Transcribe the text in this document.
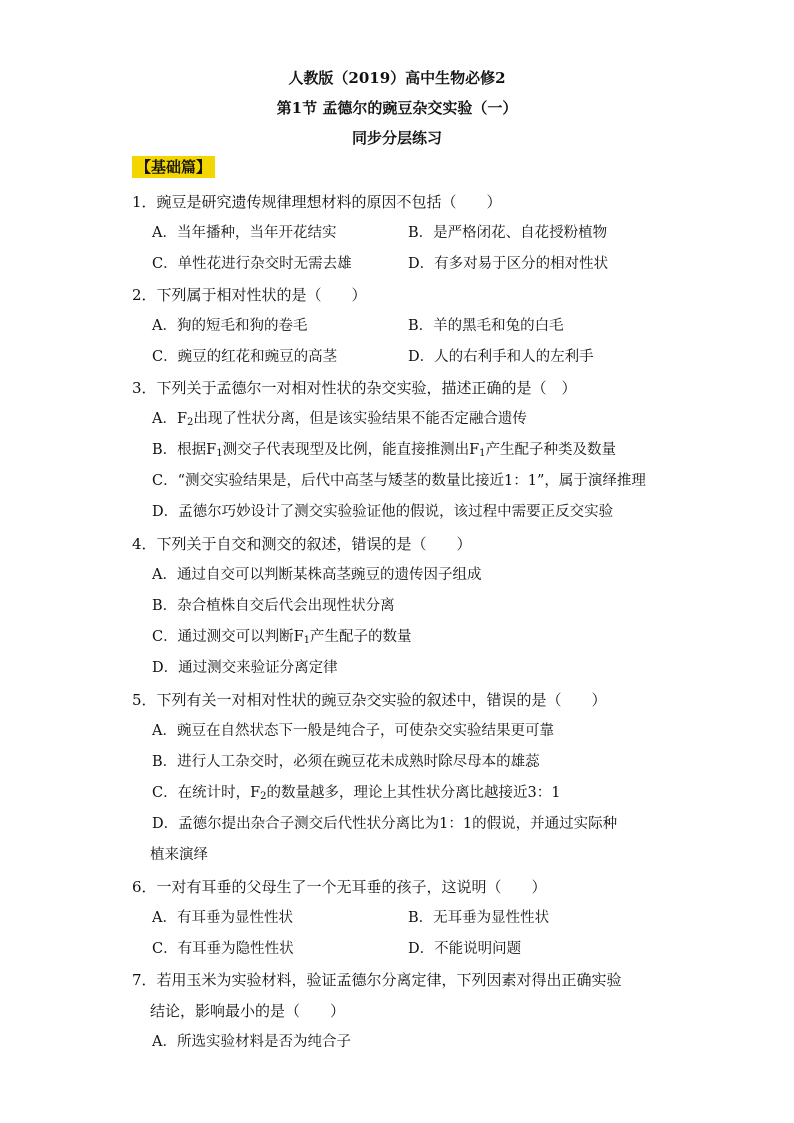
人教版（2019）高中生物必修2
第1节 孟德尔的豌豆杂交实验（一）
同步分层练习
【基础篇】
1．豌豆是研究遗传规律理想材料的原因不包括（　　）
A．当年播种，当年开花结实	B．是严格闭花、自花授粉植物
C．单性花进行杂交时无需去雄	D．有多对易于区分的相对性状
2．下列属于相对性状的是（　　）
A．狗的短毛和狗的卷毛	B．羊的黑毛和兔的白毛
C．豌豆的红花和豌豆的高茎	D．人的右利手和人的左利手
3．下列关于孟德尔一对相对性状的杂交实验，描述正确的是（　）
A．$F_2$出现了性状分离，但是该实验结果不能否定融合遗传
B．根据$F_1$测交子代表现型及比例，能直接推测出$F_1$产生配子种类及数量
C．“测交实验结果是，后代中高茎与矮茎的数量比接近1：1”，属于演绎推理
D．孟德尔巧妙设计了测交实验验证他的假说，该过程中需要正反交实验
4．下列关于自交和测交的叙述，错误的是（　　）
A．通过自交可以判断某株高茎豌豆的遗传因子组成
B．杂合植株自交后代会出现性状分离
C．通过测交可以判断$F_1$产生配子的数量
D．通过测交来验证分离定律
5．下列有关一对相对性状的豌豆杂交实验的叙述中，错误的是（　　）
A．豌豆在自然状态下一般是纯合子，可使杂交实验结果更可靠
B．进行人工杂交时，必须在豌豆花未成熟时除尽母本的雄蕊
C．在统计时，$F_2$的数量越多，理论上其性状分离比越接近3：1
D．孟德尔提出杂合子测交后代性状分离比为1：1的假说，并通过实际种
植来演绎
6．一对有耳垂的父母生了一个无耳垂的孩子，这说明（　　）
A．有耳垂为显性性状	B．无耳垂为显性性状
C．有耳垂为隐性性状	D．不能说明问题
7．若用玉米为实验材料，验证孟德尔分离定律，下列因素对得出正确实验
结论，影响最小的是（　　）
A．所选实验材料是否为纯合子
